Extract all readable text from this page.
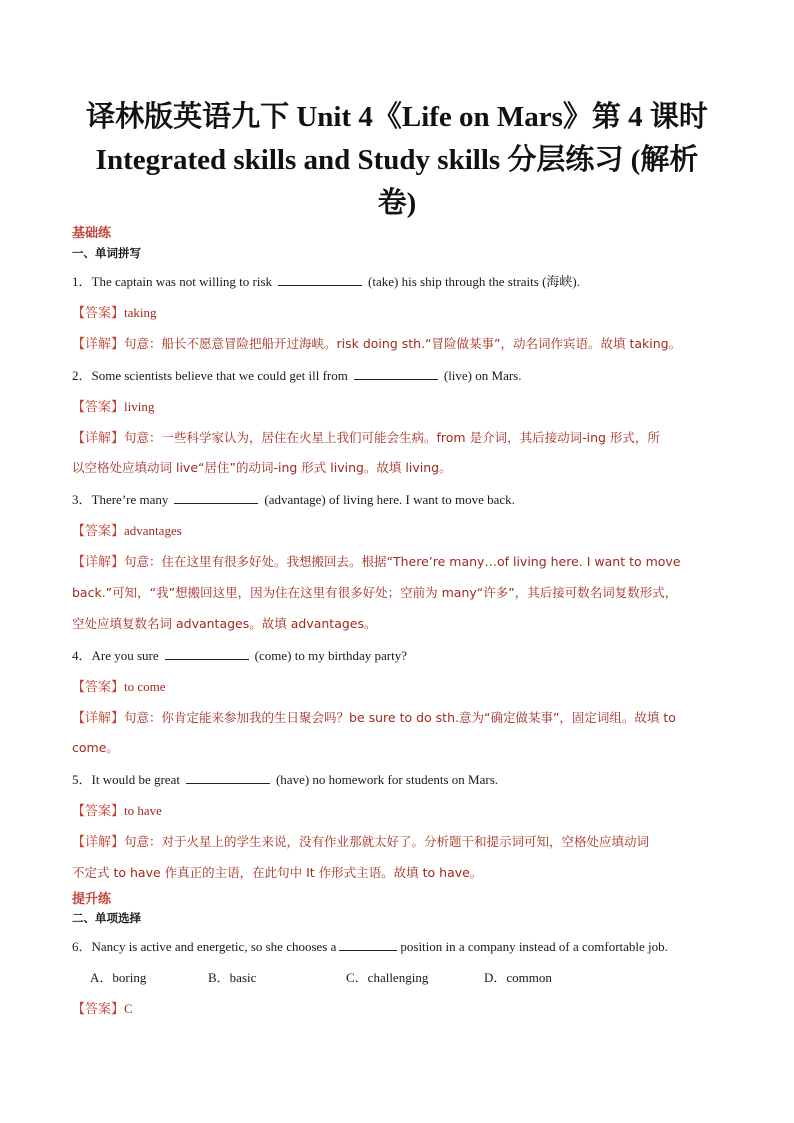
译林版英语九下 Unit 4《Life on Mars》第 4 课时
Integrated skills and Study skills 分层练习 (解析
卷)
基础练
一、单词拼写
1．The captain was not willing to risk	(take) his ship through the straits (海峡).
【答案】taking
【详解】句意：船长不愿意冒险把船开过海峡。risk doing sth.“冒险做某事”，动名词作宾语。故填 taking。
2．Some scientists believe that we could get ill from	(live) on Mars.
【答案】living
【详解】句意：一些科学家认为，居住在火星上我们可能会生病。from 是介词，其后接动词-ing 形式，所
以空格处应填动词 live“居住”的动词-ing 形式 living。故填 living。
3．There’re many	(advantage) of living here. I want to move back.
【答案】advantages
【详解】句意：住在这里有很多好处。我想搬回去。根据“There’re many…of living here. I want to move
back.”可知，“我”想搬回这里，因为住在这里有很多好处；空前为 many“许多”，其后接可数名词复数形式，
空处应填复数名词 advantages。故填 advantages。
4．Are you sure	(come) to my birthday party?
【答案】to come
【详解】句意：你肯定能来参加我的生日聚会吗？be sure to do sth.意为“确定做某事”，固定词组。故填 to
come。
5．It would be great	(have) no homework for students on Mars.
【答案】to have
【详解】句意：对于火星上的学生来说，没有作业那就太好了。分析题干和提示词可知，空格处应填动词
不定式 to have 作真正的主语，在此句中 It 作形式主语。故填 to have。
提升练
二、单项选择
6．Nancy is active and energetic, so she chooses a	position in a company instead of a comfortable job.
A．boring	B．basic	C．challenging	D．common
【答案】C
